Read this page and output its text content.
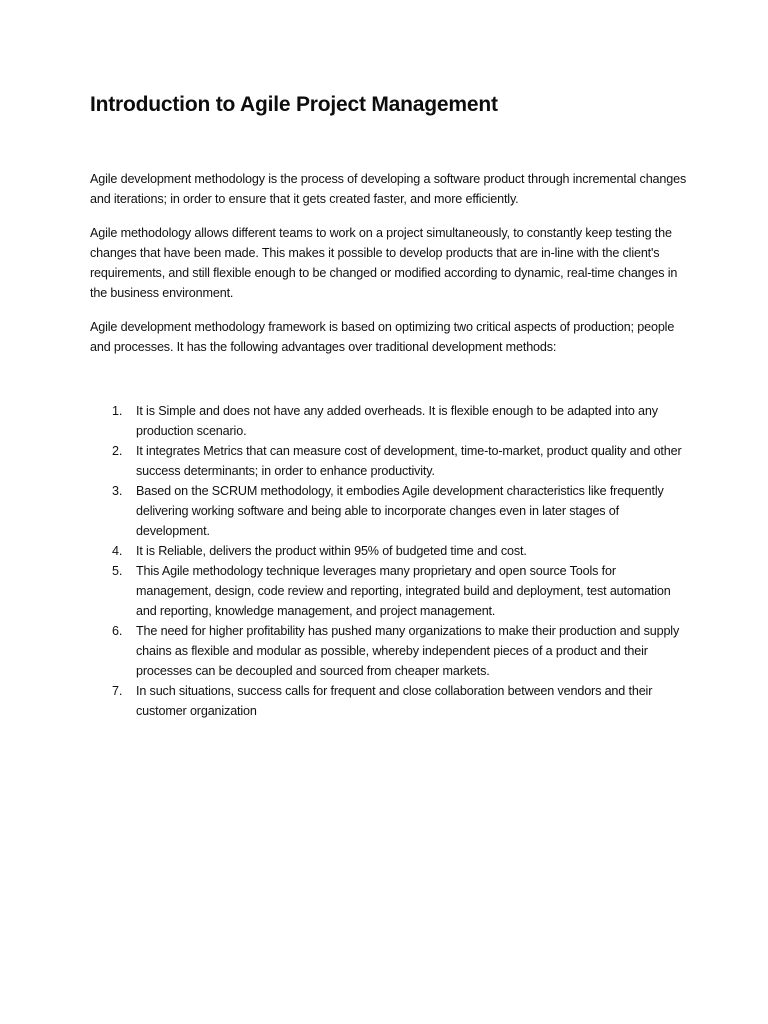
Introduction to Agile Project Management

Agile development methodology is the process of developing a software product through incremental changes and iterations; in order to ensure that it gets created faster, and more efficiently.

Agile methodology allows different teams to work on a project simultaneously, to constantly keep testing the changes that have been made. This makes it possible to develop products that are in-line with the client's requirements, and still flexible enough to be changed or modified according to dynamic, real-time changes in the business environment.

Agile development methodology framework is based on optimizing two critical aspects of production; people and processes. It has the following advantages over traditional development methods:

1. It is Simple and does not have any added overheads. It is flexible enough to be adapted into any production scenario.
2. It integrates Metrics that can measure cost of development, time-to-market, product quality and other success determinants; in order to enhance productivity.
3. Based on the SCRUM methodology, it embodies Agile development characteristics like frequently delivering working software and being able to incorporate changes even in later stages of development.
4. It is Reliable, delivers the product within 95% of budgeted time and cost.
5. This Agile methodology technique leverages many proprietary and open source Tools for management, design, code review and reporting, integrated build and deployment, test automation and reporting, knowledge management, and project management.
6. The need for higher profitability has pushed many organizations to make their production and supply chains as flexible and modular as possible, whereby independent pieces of a product and their processes can be decoupled and sourced from cheaper markets.
7. In such situations, success calls for frequent and close collaboration between vendors and their customer organization
